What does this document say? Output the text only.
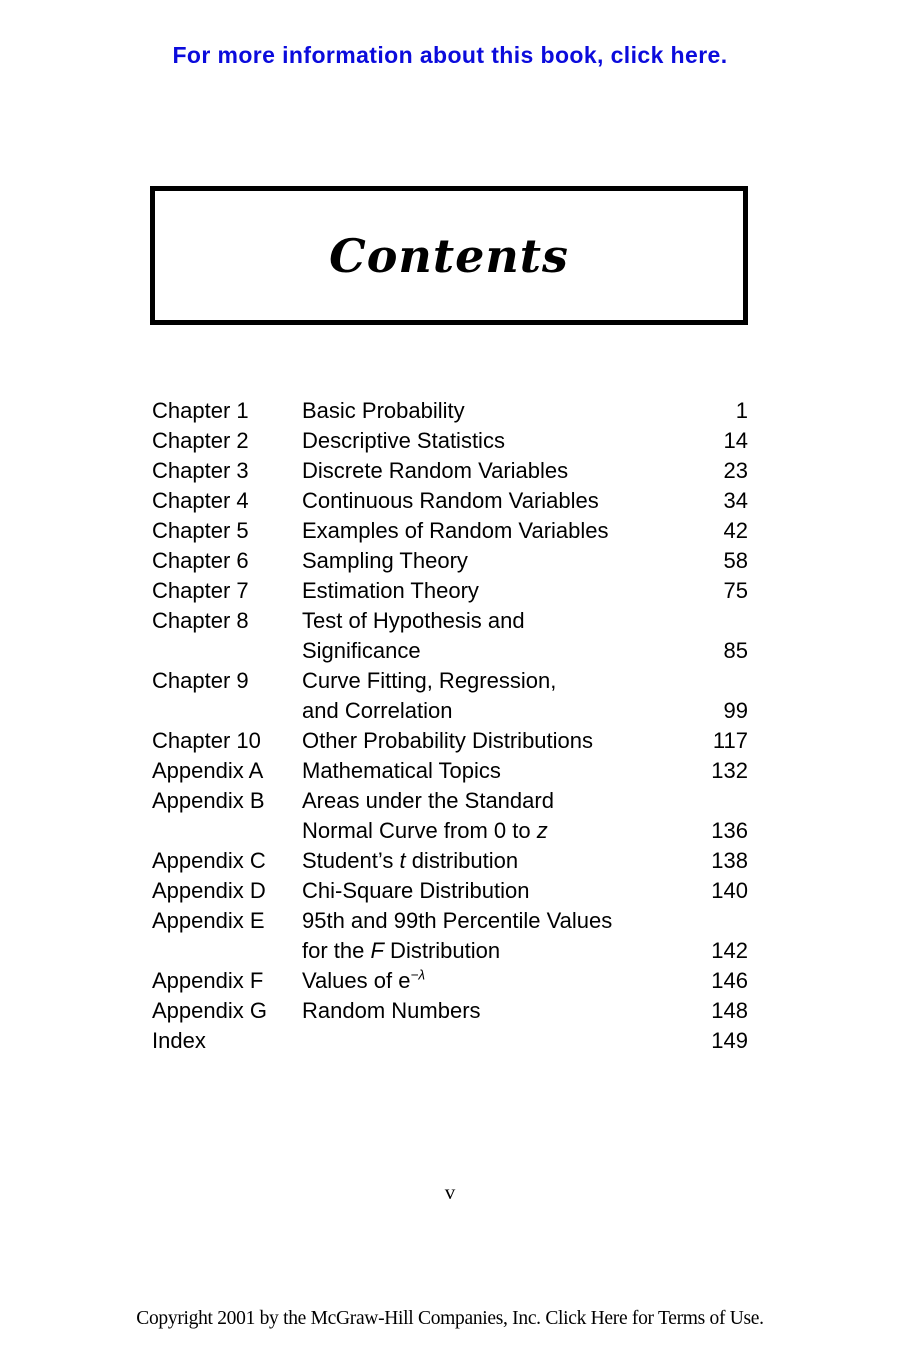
For more information about this book, click here.
Contents
Chapter 1	Basic Probability	1
Chapter 2	Descriptive Statistics	14
Chapter 3	Discrete Random Variables	23
Chapter 4	Continuous Random Variables	34
Chapter 5	Examples of Random Variables	42
Chapter 6	Sampling Theory	58
Chapter 7	Estimation Theory	75
Chapter 8	Test of Hypothesis and
Significance	85
Chapter 9	Curve Fitting, Regression,
and Correlation	99
Chapter 10	Other Probability Distributions	117
Appendix A	Mathematical Topics	132
Appendix B	Areas under the Standard
Normal Curve from 0 to z	136
Appendix C	Student’s t distribution	138
Appendix D	Chi-Square Distribution	140
Appendix E	95th and 99th Percentile Values
for the F Distribution	142
Appendix F	Values of $e^{-\lambda}$	146
Appendix G	Random Numbers	148
Index	149
v
Copyright 2001 by the McGraw-Hill Companies, Inc. Click Here for Terms of Use.
